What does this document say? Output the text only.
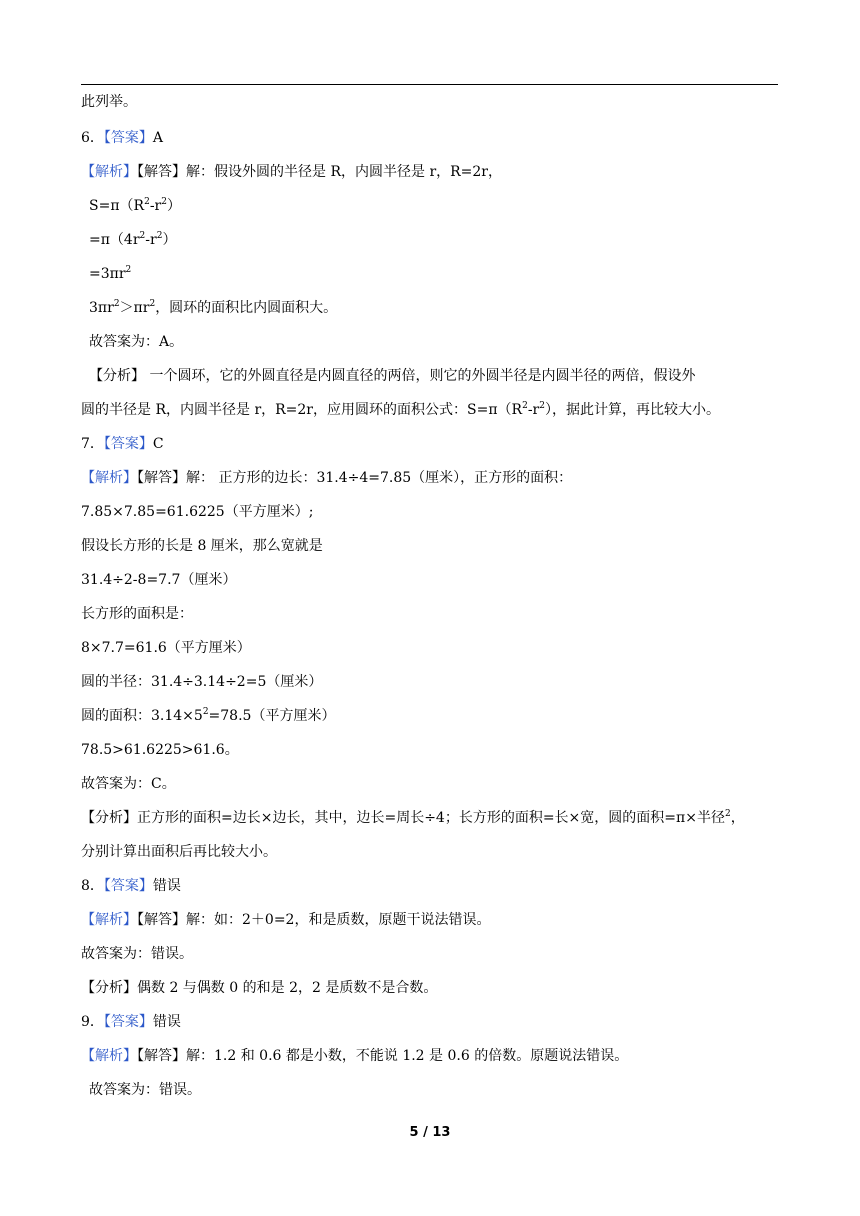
此列举。
6．【答案】A
【解析】【解答】解：假设外圆的半径是 R，内圆半径是 r，R=2r，
$S=\pi(R^2-r^2)$
$=\pi(4r^2-r^2)$
$=3\pi r^2$
$3\pi r^2>\pi r^2$，圆环的面积比内圆面积大。
故答案为：A。
【分析】 一个圆环，它的外圆直径是内圆直径的两倍，则它的外圆半径是内圆半径的两倍，假设外
圆的半径是 R，内圆半径是 r，R=2r，应用圆环的面积公式：$S=\pi(R^2-r^2)$，据此计算，再比较大小。
7．【答案】C
【解析】【解答】解： 正方形的边长：31.4÷4=7.85（厘米），正方形的面积：
7.85×7.85=61.6225（平方厘米）;
假设长方形的长是 8 厘米，那么宽就是
31.4÷2-8=7.7（厘米）
长方形的面积是：
8×7.7=61.6（平方厘米）
圆的半径：31.4÷3.14÷2=5（厘米）
圆的面积：$3.14\times 5^2=78.5$（平方厘米）
78.5>61.6225>61.6。
故答案为：C。
【分析】正方形的面积=边长×边长，其中，边长=周长÷4；长方形的面积=长×宽，圆的面积=π×半径$^2$，
分别计算出面积后再比较大小。
8．【答案】错误
【解析】【解答】解：如：2＋0=2，和是质数，原题干说法错误。
故答案为：错误。
【分析】偶数 2 与偶数 0 的和是 2，2 是质数不是合数。
9．【答案】错误
【解析】【解答】解：1.2 和 0.6 都是小数，不能说 1.2 是 0.6 的倍数。原题说法错误。
故答案为：错误。
5 / 13
